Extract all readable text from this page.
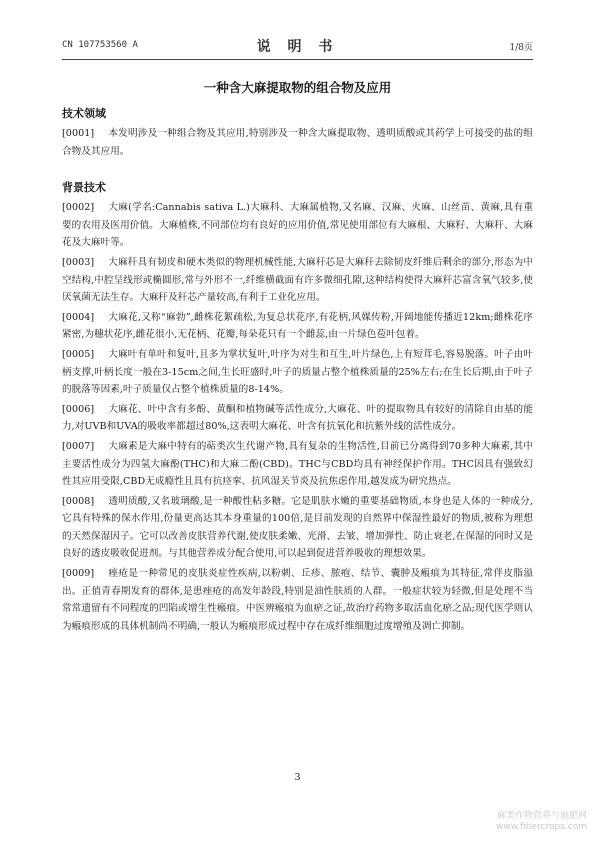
CN 107753560 A	说 明 书	1/8页
一种含大麻提取物的组合物及应用
技术领域

[0001] 本发明涉及一种组合物及其应用,特别涉及一种含大麻提取物、透明质酸或其药学上可接受的盐的组合物及其应用。

背景技术

[0002] 大麻(学名:Cannabis sativa L.)大麻科、大麻属植物,又名麻、汉麻、火麻、山丝苗、黄麻,具有重要的农用及医用价值。大麻植株,不同部位均有良好的应用价值,常见使用部位有大麻根、大麻籽、大麻秆、大麻花及大麻叶等。

[0003] 大麻秆具有韧皮和硬木类似的物理机械性能,大麻秆芯是大麻秆去除韧皮纤维后剩余的部分,形态为中空结构,中腔呈线形或椭圆形,常与外形不一,纤维横截面有许多微细孔隙,这种结构使得大麻秆芯富含氧气较多,使厌氧菌无法生存。大麻秆及秆芯产量较高,有利于工业化应用。

[0004] 大麻花,又称“麻勃”,雌株花絮疏松,为复总状花序,有花柄,风媒传粉,开阔地能传播近12km;雌株花序紧密,为穗状花序,雌花很小,无花柄、花瓣,每朵花只有一个雌蕊,由一片绿色苞叶包着。

[0005] 大麻叶有单叶和复叶,且多为掌状复叶,叶序为对生和互生,叶片绿色,上有短茸毛,容易脱落。叶子由叶柄支撑,叶柄长度一般在3-15cm之间,生长旺盛时,叶子的质量占整个植株质量的25%左右;在生长后期,由于叶子的脱落等因素,叶子质量仅占整个植株质量的8-14%。

[0006] 大麻花、叶中含有多酚、黄酮和植物碱等活性成分,大麻花、叶的提取物具有较好的清除自由基的能力,对UVB和UVA的吸收率都超过80%,这表明大麻花、叶含有抗氧化和抗紫外线的活性成分。

[0007] 大麻素是大麻中特有的萜类次生代谢产物,具有复杂的生物活性,目前已分离得到70多种大麻素,其中主要活性成分为四氢大麻酚(THC)和大麻二酚(CBD)。THC与CBD均具有神经保护作用。THC因具有强致幻性其应用受限,CBD无成瘾性且具有抗痉挛、抗风湿关节炎及抗焦虑作用,越发成为研究热点。

[0008] 透明质酸,又名玻璃酸,是一种酸性粘多糖。它是肌肤水嫩的重要基础物质,本身也是人体的一种成分,它具有特殊的保水作用,份量更高达其本身重量的100倍,是目前发现的自然界中保湿性最好的物质,被称为理想的天然保湿因子。它可以改善皮肤营养代谢,使皮肤柔嫩、光滑、去皱、增加弹性、防止衰老,在保湿的同时又是良好的透皮吸收促进剂。与其他营养成分配合使用,可以起到促进营养吸收的理想效果。

[0009] 痤疮是一种常见的皮肤炎症性疾病,以粉刺、丘疹、脓疱、结节、囊肿及瘢痕为其特征,常伴皮脂溢出。正值青春期发育的群体,是患痤疮的高发年龄段,特别是油性肤质的人群。一般症状较为轻微,但是处理不当常常遗留有不同程度的凹陷或增生性瘢痕。中医辨瘢痕为血瘀之证,故治疗药物多取活血化瘀之品;现代医学则认为瘢痕形成的具体机制尚不明确,一般认为瘢痕形成过程中存在成纤维细胞过度增殖及凋亡抑制。

3
麻类作物营养与施肥网
www.fibercrops.com
